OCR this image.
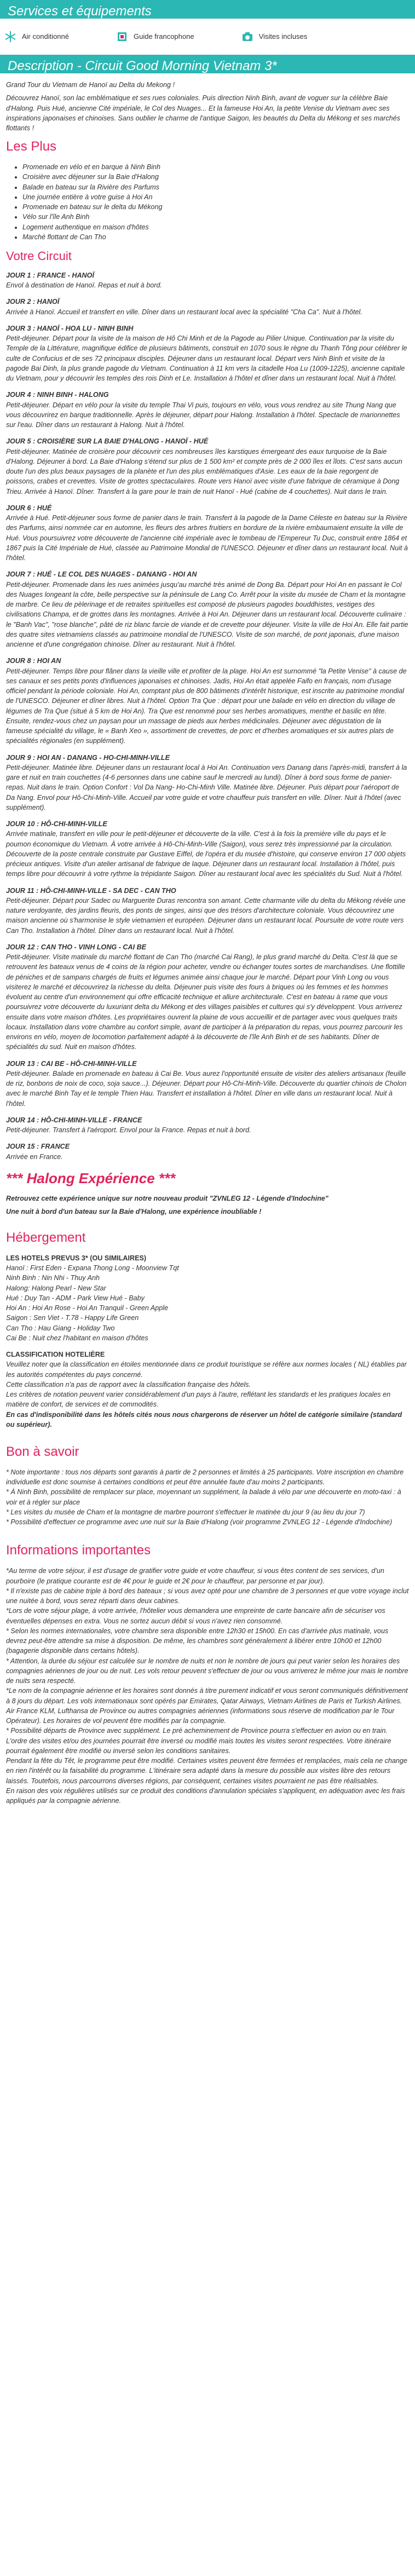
Services et équipements
Air conditionné	Guide francophone	Visites incluses
Description - Circuit Good Morning Vietnam 3*

Grand Tour du Vietnam de Hanoï au Delta du Mekong !

Découvrez Hanoï, son lac emblématique et ses rues coloniales. Puis direction Ninh Binh, avant de voguer sur la célèbre Baie d'Halong. Puis Hué, ancienne Cité impériale, le Col des Nuages... Et la fameuse Hoi An, la petite Venise du Vietnam avec ses inspirations japonaises et chinoises. Sans oublier le charme de l'antique Saigon, les beautés du Delta du Mékong et ses marchés flottants !

Les Plus
• Promenade en vélo et en barque à Ninh Binh
• Croisière avec déjeuner sur la Baie d'Halong
• Balade en bateau sur la Rivière des Parfums
• Une journée entière à votre guise à Hoi An
• Promenade en bateau sur le delta du Mékong
• Vélo sur l'île Anh Binh
• Logement authentique en maison d'hôtes
• Marché flottant de Can Tho
Votre Circuit

JOUR 1 : FRANCE - HANOÏ

Envol à destination de Hanoï. Repas et nuit à bord.

JOUR 2 : HANOÏ

Arrivée à Hanoï. Accueil et transfert en ville. Dîner dans un restaurant local avec la spécialité "Cha Ca". Nuit à l'hôtel.

JOUR 3 : HANOÏ - HOA LU - NINH BINH

Petit-déjeuner. Départ pour la visite de la maison de Hô Chi Minh et de la Pagode au Pilier Unique. Continuation par la visite du Temple de la Littérature, magnifique édifice de plusieurs bâtiments, construit en 1070 sous le règne du Thanh Tông pour célébrer le culte de Confucius et de ses 72 principaux disciples. Déjeuner dans un restaurant local. Départ vers Ninh Binh et visite de la pagode Bai Dinh, la plus grande pagode du Vietnam. Continuation à 11 km vers la citadelle Hoa Lu (1009-1225), ancienne capitale du Vietnam, pour y découvrir les temples des rois Dinh et Le. Installation à l'hôtel et dîner dans un restaurant local. Nuit à l'hôtel.

JOUR 4 : NINH BINH - HALONG

Petit-déjeuner. Départ en vélo pour la visite du temple Thai Vi puis, toujours en vélo, vous vous rendrez au site Thung Nang que vous découvrirez en barque traditionnelle. Après le déjeuner, départ pour Halong. Installation à l'hôtel. Spectacle de marionnettes sur l'eau. Dîner dans un restaurant à Halong. Nuit à l'hôtel.

JOUR 5 : CROISIÈRE SUR LA BAIE D'HALONG - HANOÏ - HUÉ

Petit-déjeuner. Matinée de croisière pour découvrir ces nombreuses îles karstiques émergeant des eaux turquoise de la Baie d'Halong. Déjeuner à bord. La Baie d'Halong s'étend sur plus de 1 500 km² et compte près de 2 000 îles et îlots. C'est sans aucun doute l'un des plus beaux paysages de la planète et l'un des plus emblématiques d'Asie. Les eaux de la baie regorgent de poissons, crabes et crevettes. Visite de grottes spectaculaires. Route vers Hanoï avec visite d'une fabrique de céramique à Dong Trieu. Arrivée à Hanoï. Dîner. Transfert à la gare pour le train de nuit Hanoï - Hué (cabine de 4 couchettes). Nuit dans le train.

JOUR 6 : HUÉ

Arrivée à Hué. Petit-déjeuner sous forme de panier dans le train. Transfert à la pagode de la Dame Céleste en bateau sur la Rivière des Parfums, ainsi nommée car en automne, les fleurs des arbres fruitiers en bordure de la rivière embaumaient ensuite la ville de Hué. Vous poursuivrez votre découverte de l'ancienne cité impériale avec le tombeau de l'Empereur Tu Duc, construit entre 1864 et 1867 puis la Cité Impériale de Hué, classée au Patrimoine Mondial de l'UNESCO. Déjeuner et dîner dans un restaurant local. Nuit à l'hôtel.

JOUR 7 : HUÉ - LE COL DES NUAGES - DANANG - HOI AN

Petit-déjeuner. Promenade dans les rues animées jusqu'au marché très animé de Dong Ba. Départ pour Hoi An en passant le Col des Nuages longeant la côte, belle perspective sur la péninsule de Lang Co. Arrêt pour la visite du musée de Cham et la montagne de marbre. Ce lieu de pèlerinage et de retraites spirituelles est composé de plusieurs pagodes bouddhistes, vestiges des civilisations Champa, et de grottes dans les montagnes. Arrivée à Hoi An. Déjeuner dans un restaurant local. Découverte culinaire : le "Banh Vac", "rose blanche", pâté de riz blanc farcie de viande et de crevette pour déjeuner. Visite la ville de Hoi An. Elle fait partie des quatre sites vietnamiens classés au patrimoine mondial de l'UNESCO. Visite de son marché, de pont japonais, d'une maison ancienne et d'une congrégation chinoise. Dîner au restaurant. Nuit à l'hôtel.

JOUR 8 : HOI AN

Petit-déjeuner. Temps libre pour flâner dans la vieille ville et profiter de la plage. Hoi An est surnommé "la Petite Venise" à cause de ses canaux et ses petits ponts d'influences japonaises et chinoises. Jadis, Hoi An était appelée Faifo en français, nom d'usage officiel pendant la période coloniale. Hoi An, comptant plus de 800 bâtiments d'intérêt historique, est inscrite au patrimoine mondial de l'UNESCO. Déjeuner et dîner libres. Nuit à l'hôtel. Option Tra Que : départ pour une balade en vélo en direction du village de légumes de Tra Que (situé à 5 km de Hoi An). Tra Que est renommé pour ses herbes aromatiques, menthe et basilic en tête. Ensuite, rendez-vous chez un paysan pour un massage de pieds aux herbes médicinales. Déjeuner avec dégustation de la fameuse spécialité du village, le « Banh Xeo », assortiment de crevettes, de porc et d'herbes aromatiques et six autres plats de spécialités régionales (en supplément).

JOUR 9 : HOI AN - DANANG - HO-CHI-MINH-VILLE

Petit-déjeuner. Matinée libre. Déjeuner dans un restaurant local à Hoi An. Continuation vers Danang dans l'après-midi, transfert à la gare et nuit en train couchettes (4-6 personnes dans une cabine sauf le mercredi au lundi). Dîner à bord sous forme de panier-repas. Nuit dans le train. Option Confort : Vol Da Nang- Ho-Chi-Minh Ville. Matinée libre. Déjeuner. Puis départ pour l'aéroport de Da Nang. Envol pour Hô-Chi-Minh-Ville. Accueil par votre guide et votre chauffeur puis transfert en ville. Dîner. Nuit à l'hôtel (avec supplément).

JOUR 10 : HÔ-CHI-MINH-VILLE

Arrivée matinale, transfert en ville pour le petit-déjeuner et découverte de la ville. C'est à la fois la première ville du pays et le poumon économique du Vietnam. À votre arrivée à Hô-Chi-Minh-Ville (Saigon), vous serez très impressionné par la circulation. Découverte de la poste centrale construite par Gustave Eiffel, de l'opéra et du musée d'histoire, qui conserve environ 17 000 objets précieux antiques. Visite d'un atelier artisanal de fabrique de laque. Déjeuner dans un restaurant local. Installation à l'hôtel, puis temps libre pour découvrir à votre rythme la trépidante Saigon. Dîner au restaurant local avec les spécialités du Sud. Nuit à l'hôtel.

JOUR 11 : HÔ-CHI-MINH-VILLE - SA DEC - CAN THO

Petit-déjeuner. Départ pour Sadec ou Marguerite Duras rencontra son amant. Cette charmante ville du delta du Mékong révèle une nature verdoyante, des jardins fleuris, des ponts de singes, ainsi que des trésors d'architecture coloniale. Vous découvrirez une maison ancienne où s'harmonise le style vietnamien et européen. Déjeuner dans un restaurant local. Poursuite de votre route vers Can Tho. Installation à l'hôtel. Dîner dans un restaurant local. Nuit à l'hôtel.

JOUR 12 : CAN THO - VINH LONG - CAI BE

Petit-déjeuner. Visite matinale du marché flottant de Can Tho (marché Cai Rang), le plus grand marché du Delta. C'est là que se retrouvent les bateaux venus de 4 coins de la région pour acheter, vendre ou échanger toutes sortes de marchandises. Une flottille de péniches et de sampans chargés de fruits et légumes animée ainsi chaque jour le marché. Départ pour Vinh Long ou vous visiterez le marché et découvrirez la richesse du delta. Déjeuner puis visite des fours à briques où les femmes et les hommes évoluent au centre d'un environnement qui offre efficacité technique et allure architecturale. C'est en bateau à rame que vous poursuivrez votre découverte du luxuriant delta du Mékong et des villages paisibles et cultures qui s'y développent. Vous arriverez ensuite dans votre maison d'hôtes. Les propriétaires ouvrent la plaine de vous accueillir et de partager avec vous quelques traits locaux. Installation dans votre chambre au confort simple, avant de participer à la préparation du repas, vous pourrez parcourir les environs en vélo, moyen de locomotion parfaitement adapté à la découverte de l'île Anh Binh et de ses habitants. Dîner de spécialités du sud. Nuit en maison d'hôtes.

JOUR 13 : CAI BE - HÔ-CHI-MINH-VILLE

Petit-déjeuner. Balade en promenade en bateau à Cai Be. Vous aurez l'opportunité ensuite de visiter des ateliers artisanaux (feuille de riz, bonbons de noix de coco, soja sauce...). Déjeuner. Départ pour Hô-Chi-Minh-Ville. Découverte du quartier chinois de Cholon avec le marché Binh Tay et le temple Thien Hau. Transfert et installation à l'hôtel. Dîner en ville dans un restaurant local. Nuit à l'hôtel.

JOUR 14 : HÔ-CHI-MINH-VILLE - FRANCE

Petit-déjeuner. Transfert à l'aéroport. Envol pour la France. Repas et nuit à bord.

JOUR 15 : FRANCE

Arrivée en France.

*** Halong Expérience ***

Retrouvez cette expérience unique sur notre nouveau produit "ZVNLEG 12 - Légende d'Indochine"

Une nuit à bord d'un bateau sur la Baie d'Halong, une expérience inoubliable !

Hébergement

LES HOTELS PREVUS 3* (OU SIMILAIRES)

Hanoï : First Eden - Expana Thong Long - Moonview Tqt

Ninh Binh : Nin Nhi - Thuy Anh

Halong: Halong Pearl - New Star

Hué : Duy Tan - ADM - Park View Hué - Baby

Hoi An : Hoi An Rose - Hoi An Tranquil - Green Apple

Saigon : Sen Viet - T.78 - Happy Life Green

Can Tho : Hau Giang - Holiday Two

Cai Be : Nuit chez l'habitant en maison d'hôtes

CLASSIFICATION HOTELIÈRE

Veuillez noter que la classification en étoiles mentionnée dans ce produit touristique se réfère aux normes locales ( NL) établies par les autorités compétentes du pays concerné.

Cette classification n'a pas de rapport avec la classification française des hôtels.

Les critères de notation peuvent varier considérablement d'un pays à l'autre, reflétant les standards et les pratiques locales en matière de confort, de services et de commodités.

En cas d'indisponibilité dans les hôtels cités nous nous chargerons de réserver un hôtel de catégorie similaire (standard ou supérieur).

Bon à savoir

* Note importante : tous nos départs sont garantis à partir de 2 personnes et limités à 25 participants. Votre inscription en chambre individuelle est donc soumise à certaines conditions et peut être annulée faute d'au moins 2 participants.

* À Ninh Binh, possibilité de remplacer sur place, moyennant un supplément, la balade à vélo par une découverte en moto-taxi : à voir et à régler sur place

* Les visites du musée de Cham et la montagne de marbre pourront s'effectuer le matinée du jour 9 (au lieu du jour 7)

* Possibilité d'effectuer ce programme avec une nuit sur la Baie d'Halong (voir programme ZVNLEG 12 - Légende d'Indochine)

Informations importantes

*Au terme de votre séjour, il est d'usage de gratifier votre guide et votre chauffeur, si vous êtes content de ses services, d'un pourboire (le pratique courante est de 4€ pour le guide et 2€ pour le chauffeur, par personne et par jour).

* Il n'existe pas de cabine triple à bord des bateaux ; si vous avez opté pour une chambre de 3 personnes et que votre voyage inclut une nuitée à bord, vous serez réparti dans deux cabines.

*Lors de votre séjour plage, à votre arrivée, l'hôtelier vous demandera une empreinte de carte bancaire afin de sécuriser vos éventuelles dépenses en extra. Vous ne sortez aucun débit si vous n'avez rien consommé.

* Selon les normes internationales, votre chambre sera disponible entre 12h30 et 15h00. En cas d'arrivée plus matinale, vous devrez peut-être attendre sa mise à disposition. De même, les chambres sont généralement à libérer entre 10h00 et 12h00 (bagagerie disponible dans certains hôtels).

* Attention, la durée du séjour est calculée sur le nombre de nuits et non le nombre de jours qui peut varier selon les horaires des compagnies aériennes de jour ou de nuit. Les vols retour peuvent s'effectuer de jour ou vous arriverez le même jour mais le nombre de nuits sera respecté.

*Le nom de la compagnie aérienne et les horaires sont donnés à titre purement indicatif et vous seront communiqués définitivement à 8 jours du départ. Les vols internationaux sont opérés par Emirates, Qatar Airways, Vietnam Airlines de Paris et Turkish Airlines. Air France KLM, Lufthansa de Province ou autres compagnies aériennes (informations sous réserve de modification par le Tour Opérateur). Les horaires de vol peuvent être modifiés par la compagnie.

* Possibilité départs de Province avec supplément. Le pré acheminement de Province pourra s'effectuer en avion ou en train.

L'ordre des visites et/ou des journées pourrait être inversé ou modifié mais toutes les visites seront respectées. Votre itinéraire pourrait également être modifié ou inversé selon les conditions sanitaires.

Pendant la fête du Têt, le programme peut être modifié. Certaines visites peuvent être fermées et remplacées, mais cela ne change en rien l'intérêt ou la faisabilité du programme. L'itinéraire sera adapté dans la mesure du possible aux visites libre des retours laissés. Toutefois, nous parcourrons diverses régions, par conséquent, certaines visites pourraient ne pas être réalisables.

En raison des voix régulières utilisés sur ce produit des conditions d'annulation spéciales s'appliquent, en adéquation avec les frais appliqués par la compagnie aérienne.
